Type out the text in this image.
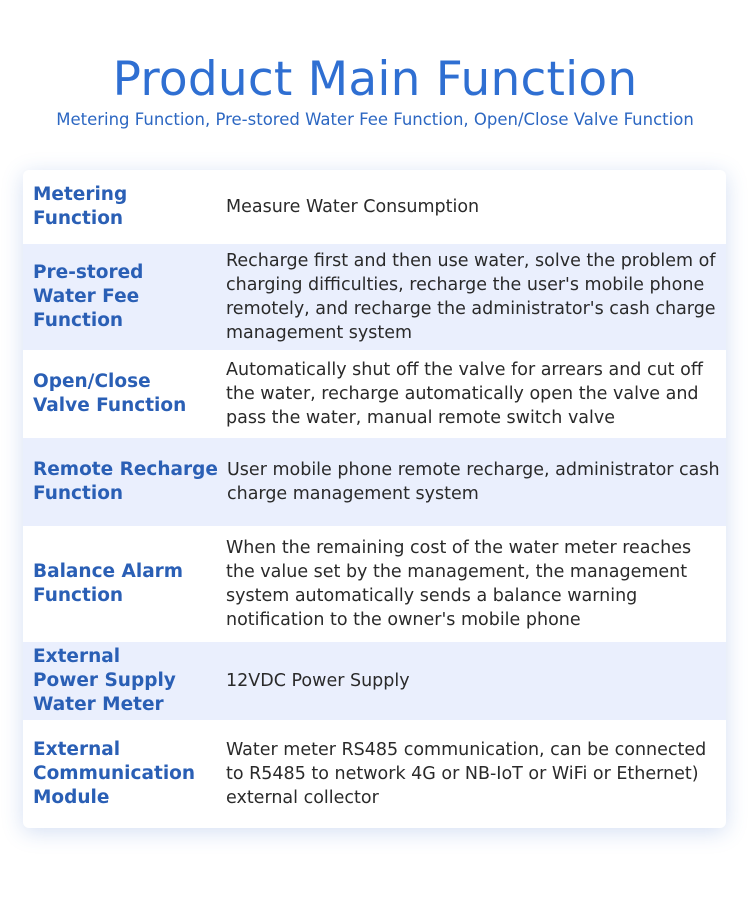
Product Main Function
Metering Function, Pre-stored Water Fee Function, Open/Close Valve Function
Metering Function
Measure Water Consumption
Pre-stored Water Fee Function
Recharge first and then use water, solve the problem of charging difficulties, recharge the user's mobile phone remotely, and recharge the administrator's cash charge management system
Open/Close Valve Function
Automatically shut off the valve for arrears and cut off the water, recharge automatically open the valve and pass the water, manual remote switch valve
Remote Recharge Function
User mobile phone remote recharge, administrator cash charge management system
Balance Alarm Function
When the remaining cost of the water meter reaches the value set by the management, the management system automatically sends a balance warning notification to the owner's mobile phone
External Power Supply Water Meter
12VDC Power Supply
External Communication Module
Water meter RS485 communication, can be connected to R5485 to network 4G or NB-IoT or WiFi or Ethernet) external collector
